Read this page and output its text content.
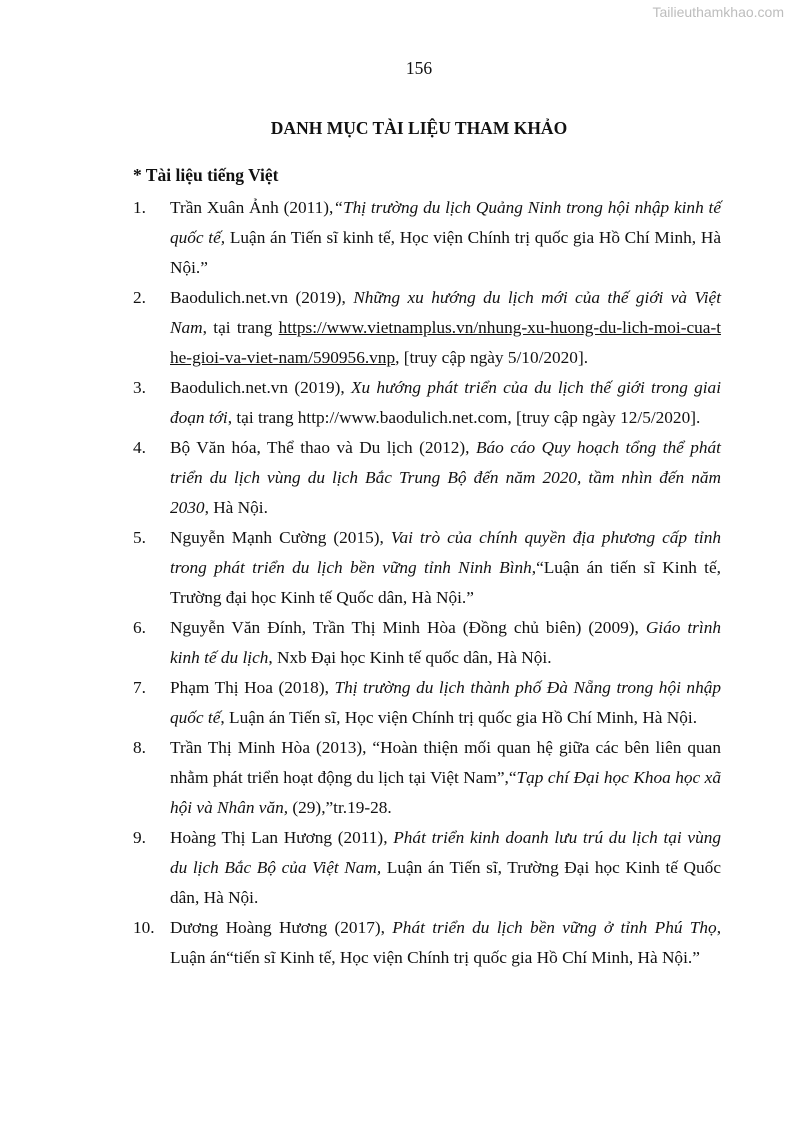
Tailieuthamkhao.com
156
DANH MỤC TÀI LIỆU THAM KHẢO
* Tài liệu tiếng Việt
1. Trần Xuân Ảnh (2011),“Thị trường du lịch Quảng Ninh trong hội nhập kinh tế quốc tế, Luận án Tiến sĩ kinh tế, Học viện Chính trị quốc gia Hồ Chí Minh, Hà Nội.”
2. Baodulich.net.vn (2019), Những xu hướng du lịch mới của thế giới và Việt Nam, tại trang https://www.vietnamplus.vn/nhung-xu-huong-du-lich-moi-cua-the-gioi-va-viet-nam/590956.vnp, [truy cập ngày 5/10/2020].
3. Baodulich.net.vn (2019), Xu hướng phát triển của du lịch thế giới trong giai đoạn tới, tại trang http://www.baodulich.net.com, [truy cập ngày 12/5/2020].
4. Bộ Văn hóa, Thể thao và Du lịch (2012), Báo cáo Quy hoạch tổng thể phát triển du lịch vùng du lịch Bắc Trung Bộ đến năm 2020, tầm nhìn đến năm 2030, Hà Nội.
5. Nguyễn Mạnh Cường (2015), Vai trò của chính quyền địa phương cấp tỉnh trong phát triển du lịch bền vững tỉnh Ninh Bình,“Luận án tiến sĩ Kinh tế, Trường đại học Kinh tế Quốc dân, Hà Nội.”
6. Nguyễn Văn Đính, Trần Thị Minh Hòa (Đồng chủ biên) (2009), Giáo trình kinh tế du lịch, Nxb Đại học Kinh tế quốc dân, Hà Nội.
7. Phạm Thị Hoa (2018), Thị trường du lịch thành phố Đà Nẵng trong hội nhập quốc tế, Luận án Tiến sĩ, Học viện Chính trị quốc gia Hồ Chí Minh, Hà Nội.
8. Trần Thị Minh Hòa (2013), “Hoàn thiện mối quan hệ giữa các bên liên quan nhằm phát triển hoạt động du lịch tại Việt Nam”,“Tạp chí Đại học Khoa học xã hội và Nhân văn, (29),”tr.19-28.
9. Hoàng Thị Lan Hương (2011), Phát triển kinh doanh lưu trú du lịch tại vùng du lịch Bắc Bộ của Việt Nam, Luận án Tiến sĩ, Trường Đại học Kinh tế Quốc dân, Hà Nội.
10. Dương Hoàng Hương (2017), Phát triển du lịch bền vững ở tỉnh Phú Thọ, Luận án“tiến sĩ Kinh tế, Học viện Chính trị quốc gia Hồ Chí Minh, Hà Nội.”
